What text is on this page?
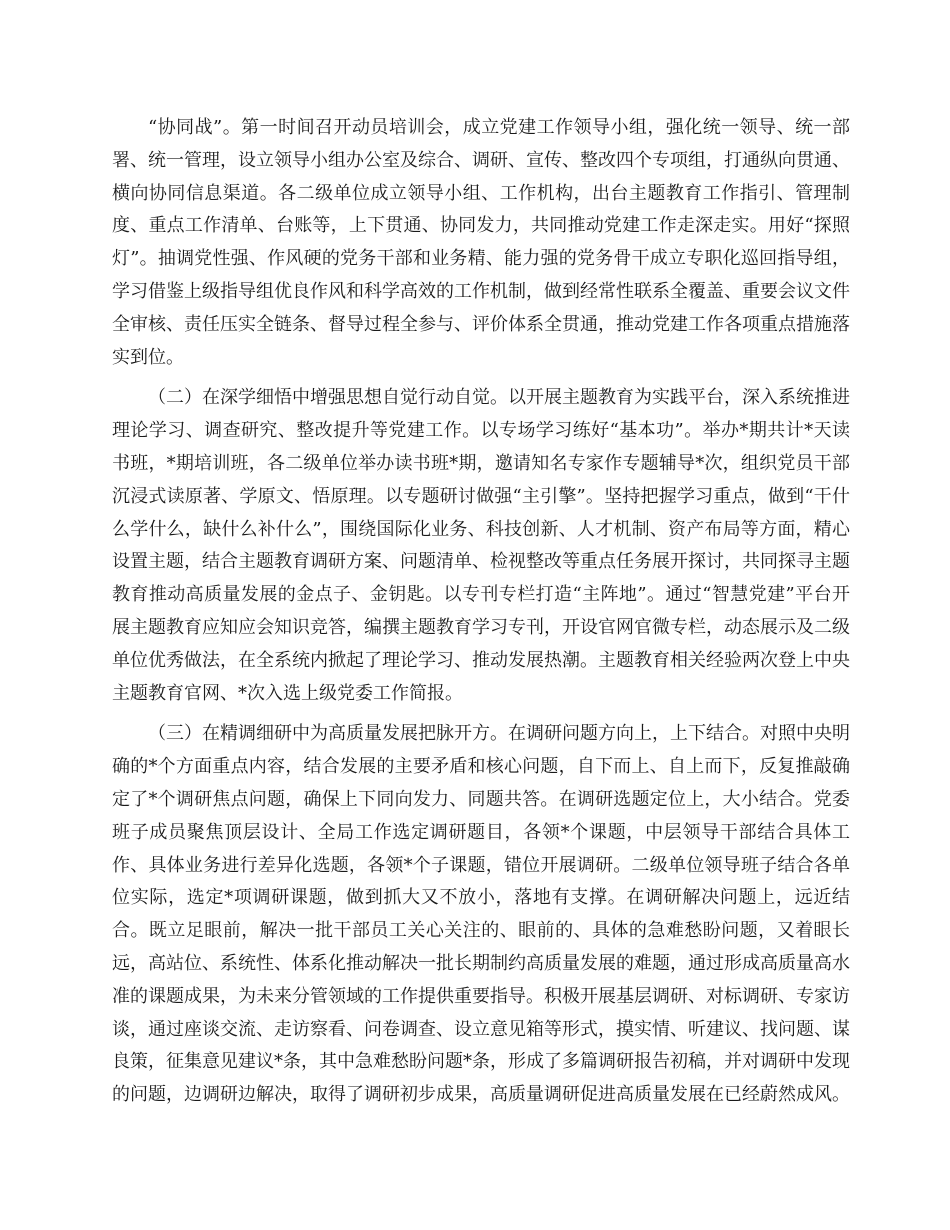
“协同战”。第一时间召开动员培训会，成立党建工作领导小组，强化统一领导、统一部署、统一管理，设立领导小组办公室及综合、调研、宣传、整改四个专项组，打通纵向贯通、横向协同信息渠道。各二级单位成立领导小组、工作机构，出台主题教育工作指引、管理制度、重点工作清单、台账等，上下贯通、协同发力，共同推动党建工作走深走实。用好“探照灯”。抽调党性强、作风硬的党务干部和业务精、能力强的党务骨干成立专职化巡回指导组，学习借鉴上级指导组优良作风和科学高效的工作机制，做到经常性联系全覆盖、重要会议文件全审核、责任压实全链条、督导过程全参与、评价体系全贯通，推动党建工作各项重点措施落实到位。

（二）在深学细悟中增强思想自觉行动自觉。以开展主题教育为实践平台，深入系统推进理论学习、调查研究、整改提升等党建工作。以专场学习练好“基本功”。举办*期共计*天读书班，*期培训班，各二级单位举办读书班*期，邀请知名专家作专题辅导*次，组织党员干部沉浸式读原著、学原文、悟原理。以专题研讨做强“主引擎”。坚持把握学习重点，做到“干什么学什么，缺什么补什么”，围绕国际化业务、科技创新、人才机制、资产布局等方面，精心设置主题，结合主题教育调研方案、问题清单、检视整改等重点任务展开探讨，共同探寻主题教育推动高质量发展的金点子、金钥匙。以专刊专栏打造“主阵地”。通过“智慧党建”平台开展主题教育应知应会知识竞答，编撰主题教育学习专刊，开设官网官微专栏，动态展示及二级单位优秀做法，在全系统内掀起了理论学习、推动发展热潮。主题教育相关经验两次登上中央主题教育官网、*次入选上级党委工作简报。

（三）在精调细研中为高质量发展把脉开方。在调研问题方向上，上下结合。对照中央明确的*个方面重点内容，结合发展的主要矛盾和核心问题，自下而上、自上而下，反复推敲确定了*个调研焦点问题，确保上下同向发力、同题共答。在调研选题定位上，大小结合。党委班子成员聚焦顶层设计、全局工作选定调研题目，各领*个课题，中层领导干部结合具体工作、具体业务进行差异化选题，各领*个子课题，错位开展调研。二级单位领导班子结合各单位实际，选定*项调研课题，做到抓大又不放小，落地有支撑。在调研解决问题上，远近结合。既立足眼前，解决一批干部员工关心关注的、眼前的、具体的急难愁盼问题，又着眼长远，高站位、系统性、体系化推动解决一批长期制约高质量发展的难题，通过形成高质量高水准的课题成果，为未来分管领域的工作提供重要指导。积极开展基层调研、对标调研、专家访谈，通过座谈交流、走访察看、问卷调查、设立意见箱等形式，摸实情、听建议、找问题、谋良策，征集意见建议*条，其中急难愁盼问题*条，形成了多篇调研报告初稿，并对调研中发现的问题，边调研边解决，取得了调研初步成果，高质量调研促进高质量发展在已经蔚然成风。
